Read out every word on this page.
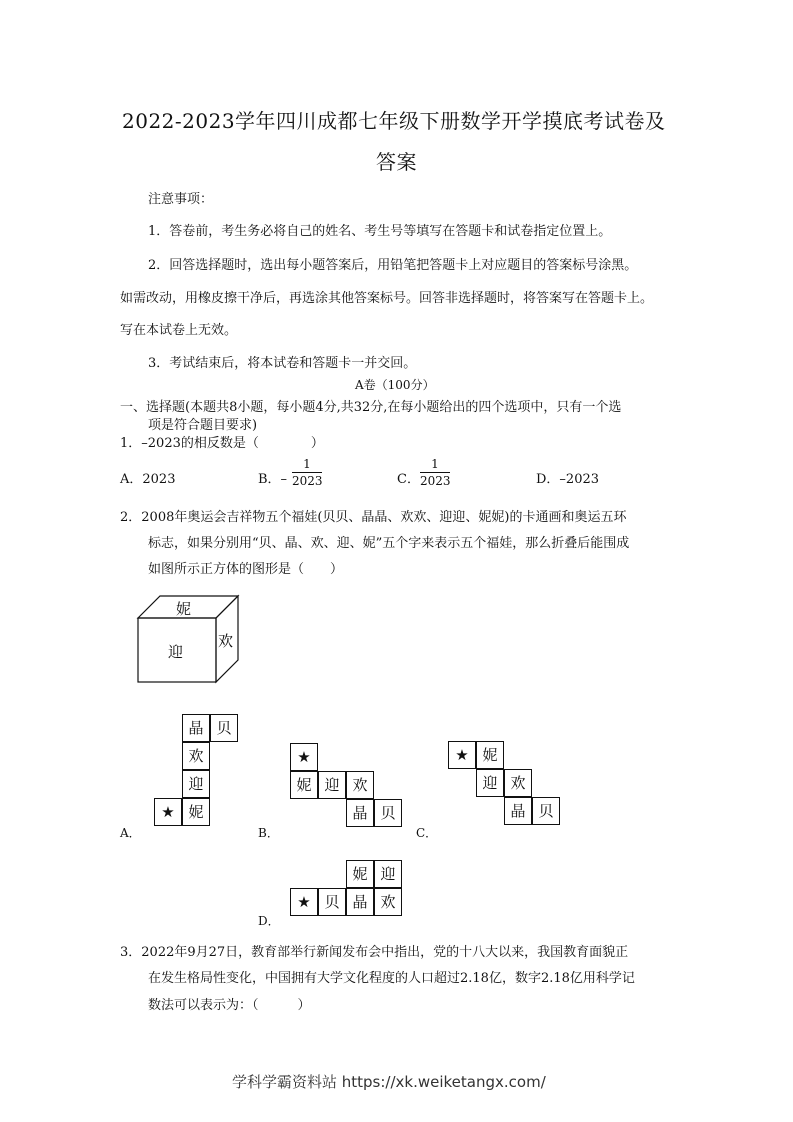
2022-2023学年四川成都七年级下册数学开学摸底考试卷及
答案
注意事项：
1．答卷前，考生务必将自己的姓名、考生号等填写在答题卡和试卷指定位置上。
2．回答选择题时，选出每小题答案后，用铅笔把答题卡上对应题目的答案标号涂黑。
如需改动，用橡皮擦干净后，再选涂其他答案标号。回答非选择题时，将答案写在答题卡上。
写在本试卷上无效。
3．考试结束后，将本试卷和答题卡一并交回。
A卷（100分）
一、选择题(本题共8小题，每小题4分,共32分,在每小题给出的四个选项中，只有一个选
项是符合题目要求)
1．–2023的相反数是（　　　　）
A．2023	B．–
1
2023	C．
1
2023	D．–2023
2．2008年奥运会吉祥物五个福娃(贝贝、晶晶、欢欢、迎迎、妮妮)的卡通画和奥运五环
标志，如果分别用“贝、晶、欢、迎、妮”五个字来表示五个福娃，那么折叠后能围成
如图所示正方体的图形是（　　）
妮
迎
欢
晶 贝
欢
迎
★ 妮
A．
★
妮 迎 欢
晶 贝
B．
★ 妮
迎 欢
晶 贝
C．
妮 迎
★ 贝 晶 欢
D．
3．2022年9月27日，教育部举行新闻发布会中指出，党的十八大以来，我国教育面貌正
在发生格局性变化，中国拥有大学文化程度的人口超过2.18亿，数字2.18亿用科学记
数法可以表示为：（　　　）
学科学霸资料站 https://xk.weiketangx.com/
